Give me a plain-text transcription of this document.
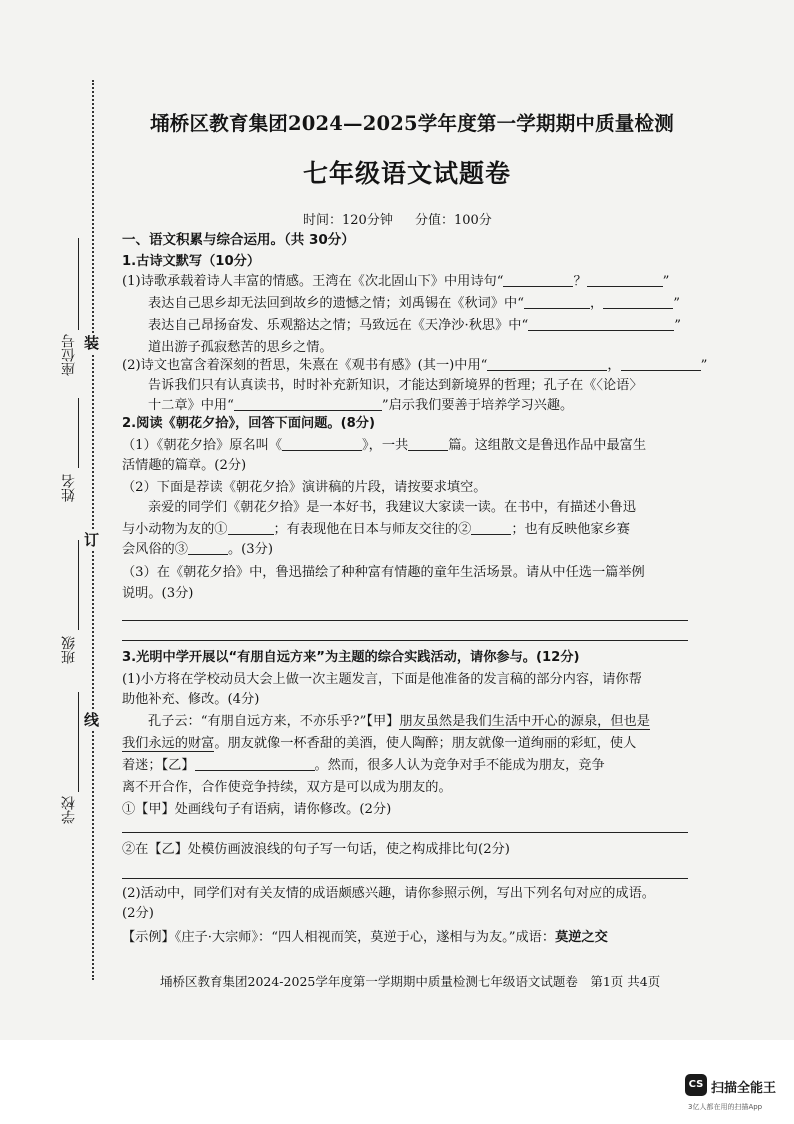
装
订
线
座位号
姓名
班级
学校
埇桥区教育集团2024—2025学年度第一学期期中质量检测
七年级语文试题卷
时间：120分钟 分值：100分
一、语文积累与综合运用。（共 30分）
1.古诗文默写（10分）
(1)诗歌承载着诗人丰富的情感。王湾在《次北固山下》中用诗句“	？	”
表达自己思乡却无法回到故乡的遗憾之情；刘禹锡在《秋词》中“	，	”
表达自己昂扬奋发、乐观豁达之情；马致远在《天净沙·秋思》中“	”
道出游子孤寂愁苦的思乡之情。
(2)诗文也富含着深刻的哲思，朱熹在《观书有感》(其一)中用“	，	”
告诉我们只有认真读书，时时补充新知识，才能达到新境界的哲理；孔子在《〈论语〉
十二章》中用“	”启示我们要善于培养学习兴趣。
2.阅读《朝花夕拾》，回答下面问题。(8分)
（1）《朝花夕拾》原名叫《	》，一共	篇。这组散文是鲁迅作品中最富生
活情趣的篇章。(2分)
（2）下面是荐读《朝花夕拾》演讲稿的片段，请按要求填空。
亲爱的同学们《朝花夕拾》是一本好书，我建议大家读一读。在书中，有描述小鲁迅
与小动物为友的①	；有表现他在日本与师友交往的②	；也有反映他家乡赛
会风俗的③	。(3分)
（3）在《朝花夕拾》中，鲁迅描绘了种种富有情趣的童年生活场景。请从中任选一篇举例
说明。(3分)
3.光明中学开展以“有朋自远方来”为主题的综合实践活动，请你参与。(12分)
(1)小方将在学校动员大会上做一次主题发言，下面是他准备的发言稿的部分内容，请你帮
助他补充、修改。(4分)
孔子云：“有朋自远方来，不亦乐乎?”【甲】朋友虽然是我们生活中开心的源泉，但也是
我们永远的财富。朋友就像一杯香甜的美酒，使人陶醉；朋友就像一道绚丽的彩虹，使人
着迷；【乙】	。然而，很多人认为竞争对手不能成为朋友，竞争
离不开合作，合作使竞争持续，双方是可以成为朋友的。
①【甲】处画线句子有语病，请你修改。(2分)
②在【乙】处模仿画波浪线的句子写一句话，使之构成排比句(2分)
(2)活动中，同学们对有关友情的成语颇感兴趣，请你参照示例，写出下列名句对应的成语。
(2分)
【示例】《庄子·大宗师》：“四人相视而笑，莫逆于心，遂相与为友。”成语：莫逆之交
埇桥区教育集团2024-2025学年度第一学期期中质量检测七年级语文试题卷　第1页 共4页
CS 扫描全能王
3亿人都在用的扫描App
